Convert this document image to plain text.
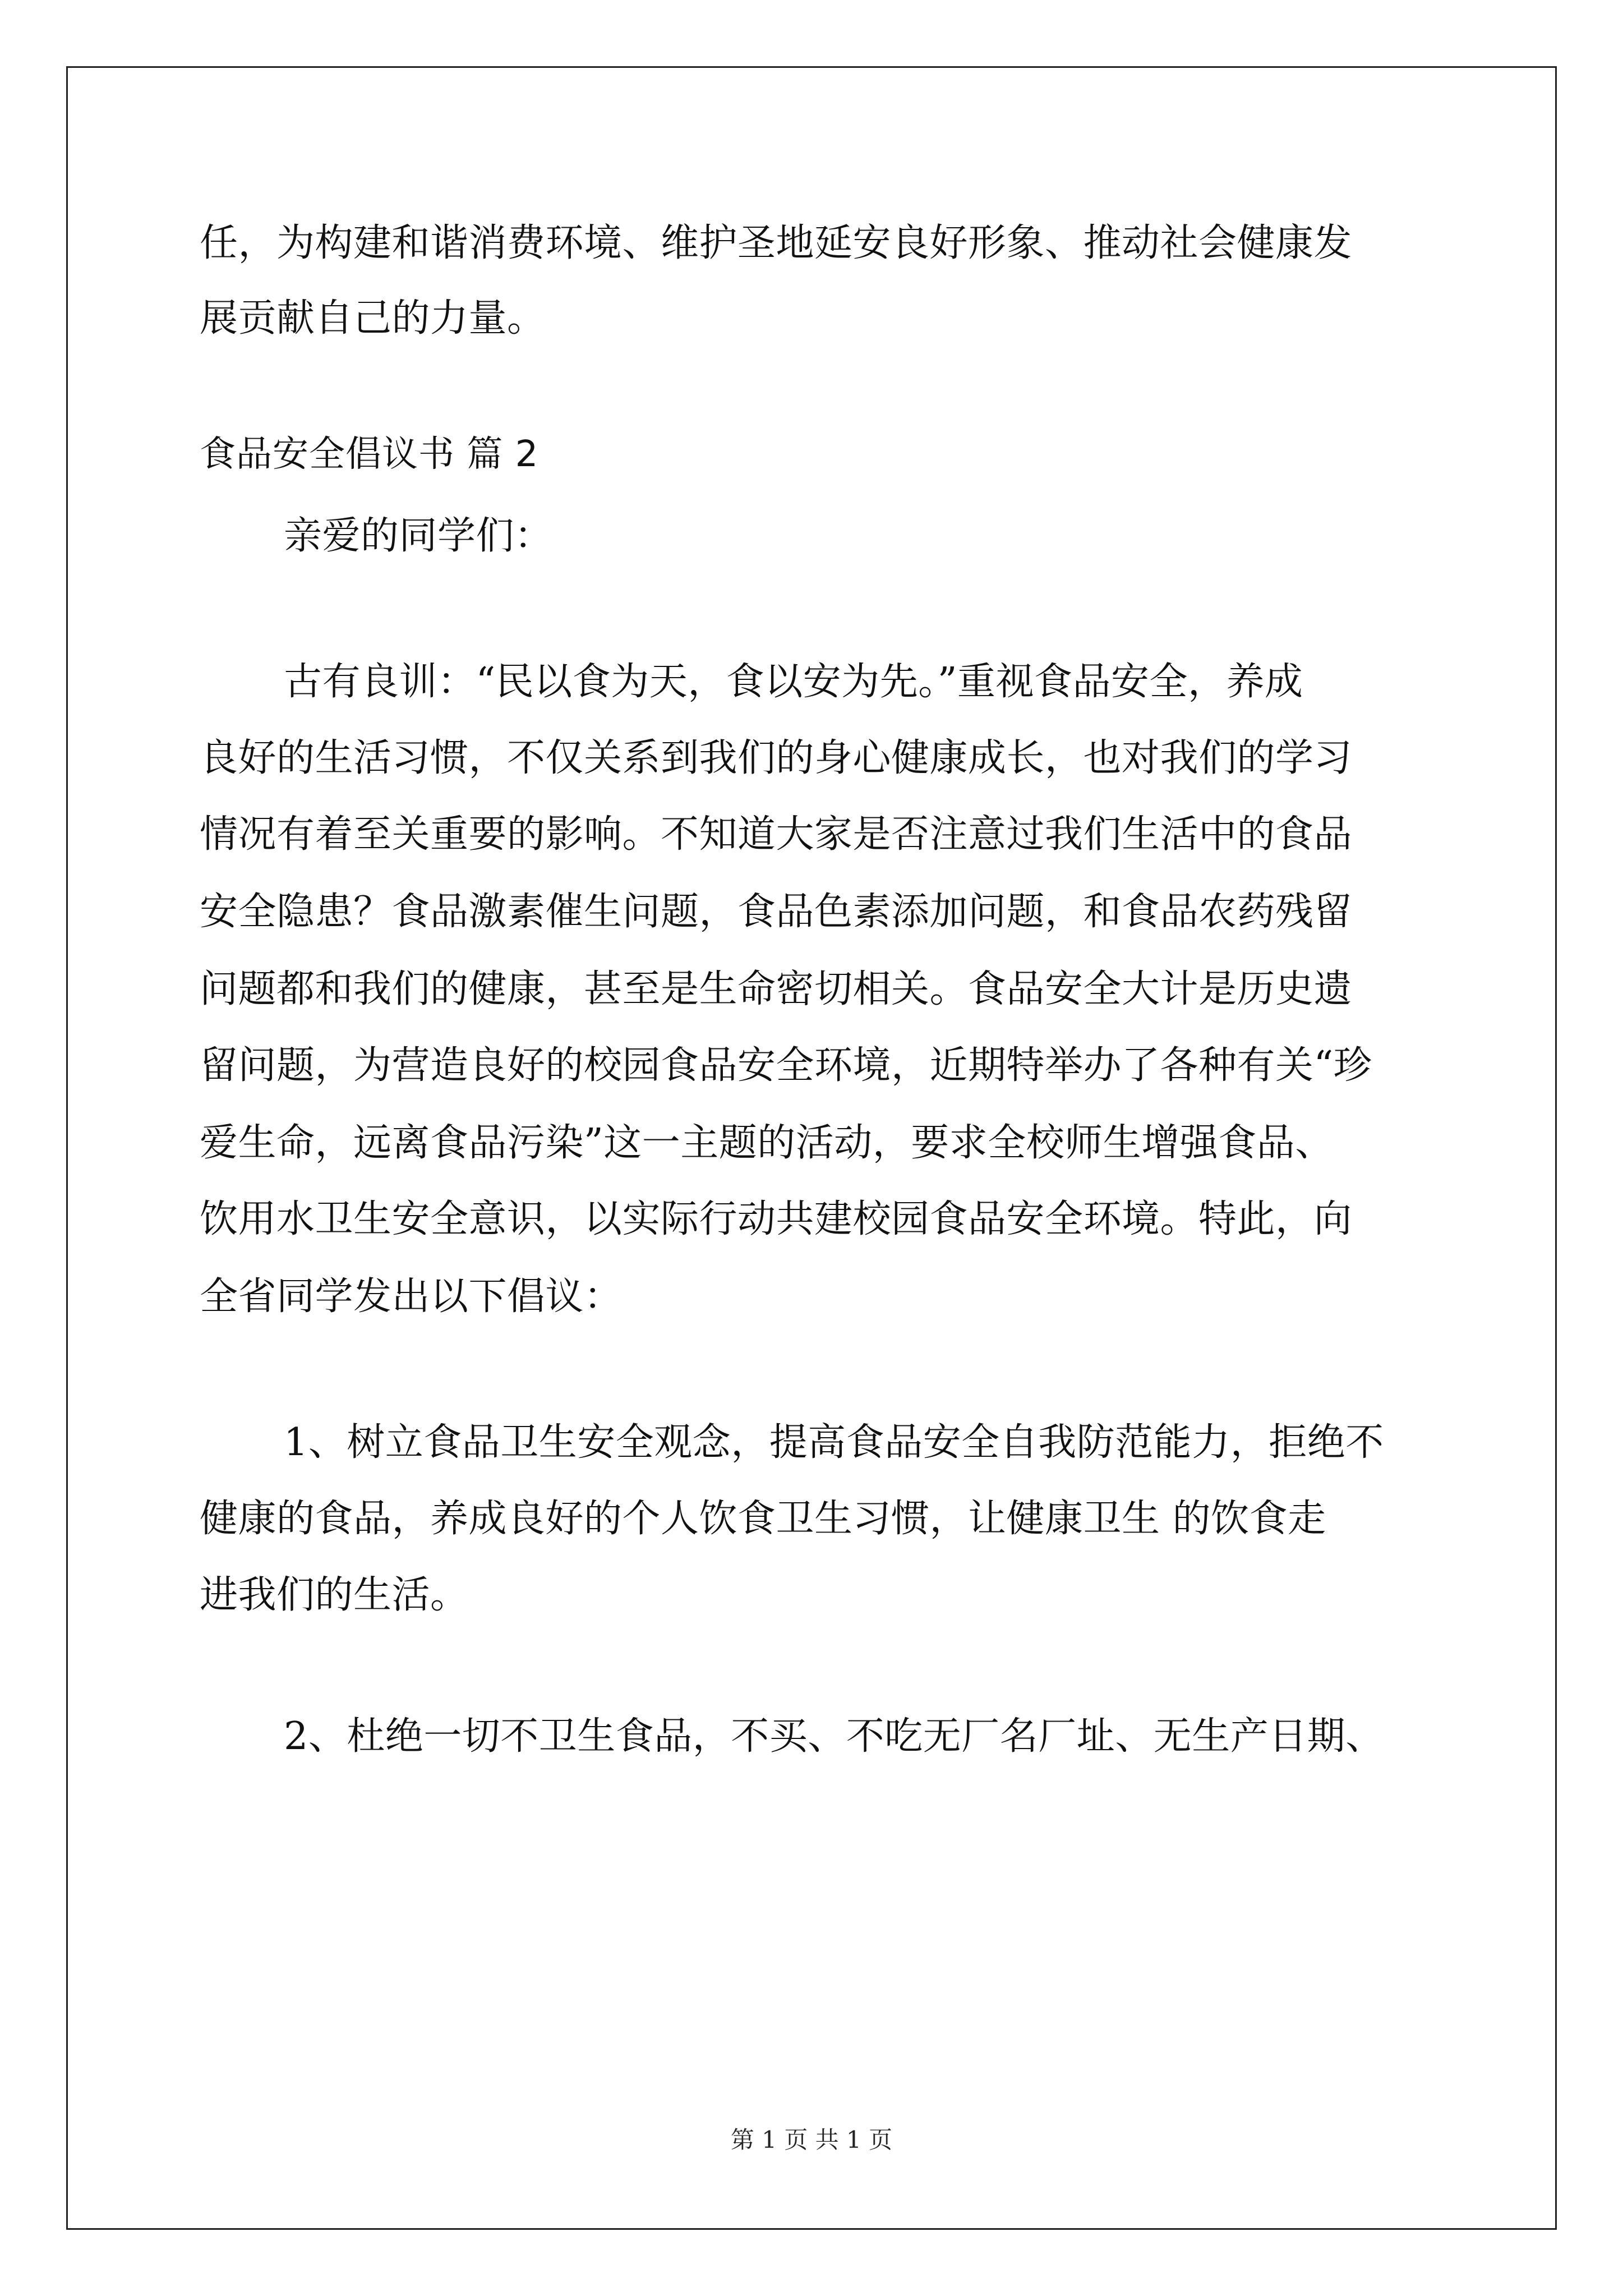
任，为构建和谐消费环境、维护圣地延安良好形象、推动社会健康发

展贡献自己的力量。

食品安全倡议书 篇 2

亲爱的同学们：

古有良训：“民以食为天，食以安为先。”重视食品安全，养成

良好的生活习惯，不仅关系到我们的身心健康成长，也对我们的学习

情况有着至关重要的影响。不知道大家是否注意过我们生活中的食品

安全隐患？食品激素催生问题，食品色素添加问题，和食品农药残留

问题都和我们的健康，甚至是生命密切相关。食品安全大计是历史遗

留问题，为营造良好的校园食品安全环境，近期特举办了各种有关“珍

爱生命，远离食品污染”这一主题的活动，要求全校师生增强食品、

饮用水卫生安全意识，以实际行动共建校园食品安全环境。特此，向

全省同学发出以下倡议：

1、树立食品卫生安全观念，提高食品安全自我防范能力，拒绝不

健康的食品，养成良好的个人饮食卫生习惯，让健康卫生 的饮食走

进我们的生活。

2、杜绝一切不卫生食品，不买、不吃无厂名厂址、无生产日期、

第 1 页 共 1 页
